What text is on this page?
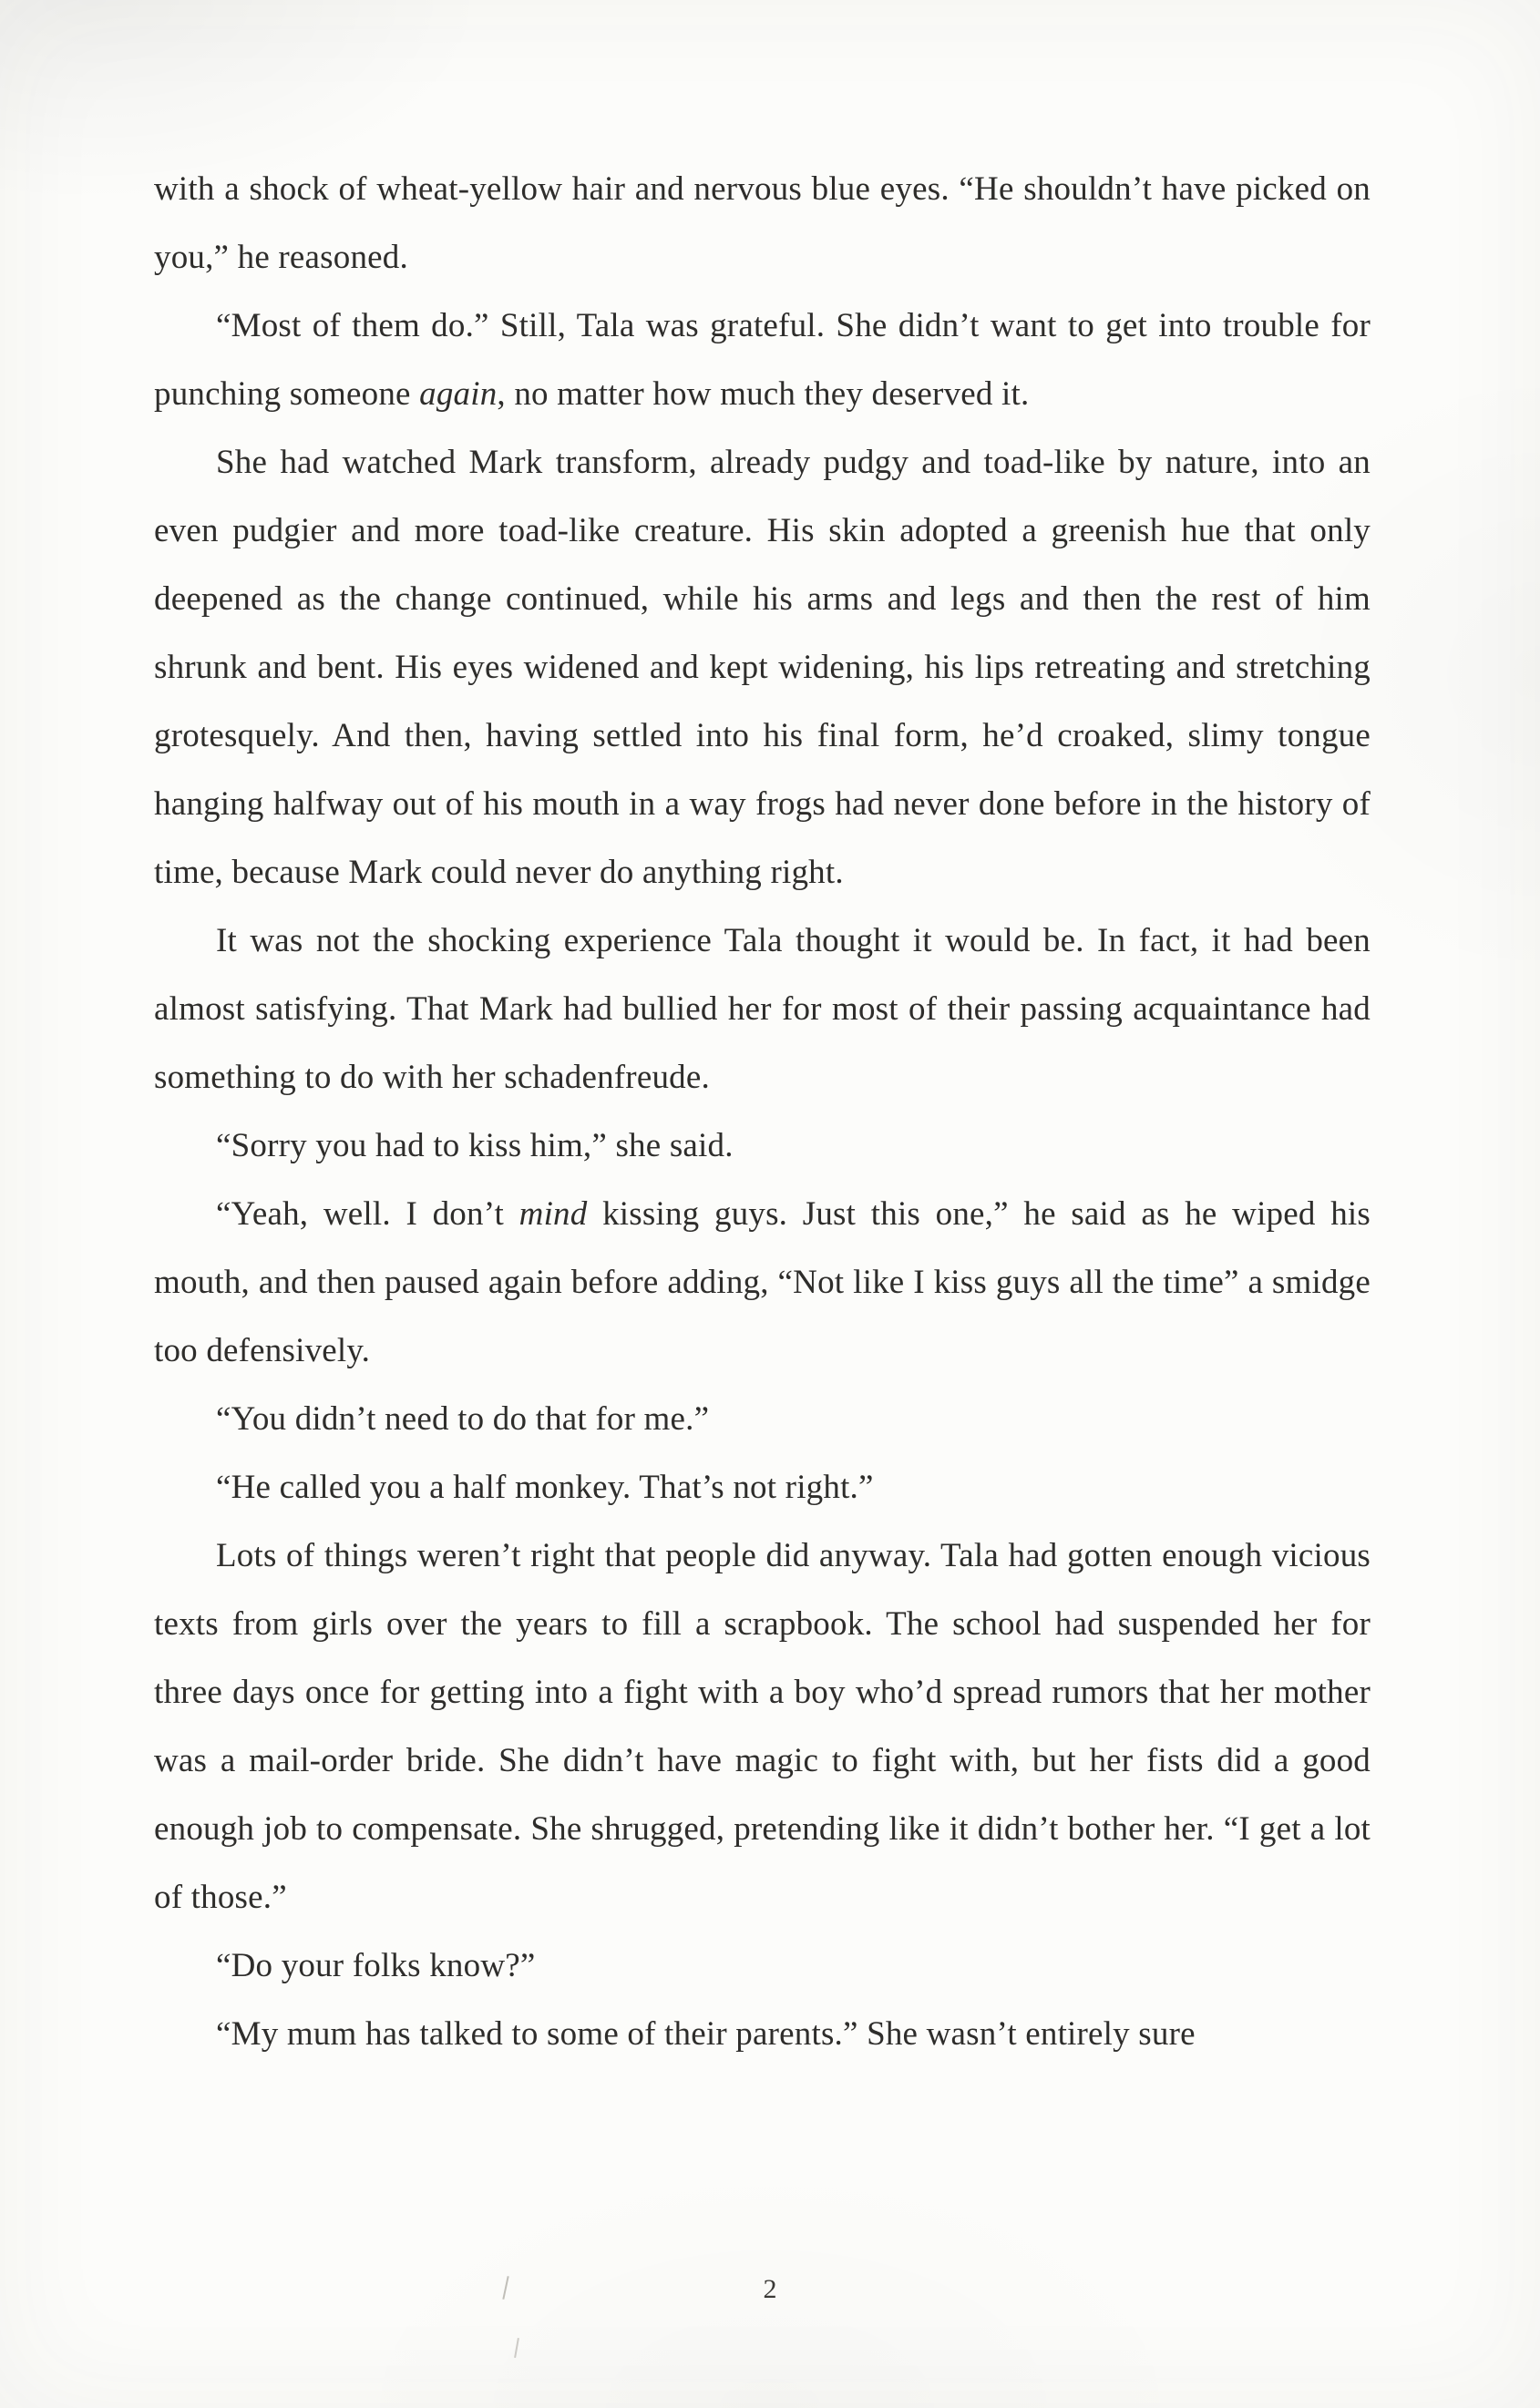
with a shock of wheat-yellow hair and nervous blue eyes. “He shouldn’t have picked on you,” he reasoned.

“Most of them do.” Still, Tala was grateful. She didn’t want to get into trouble for punching someone again, no matter how much they deserved it.

She had watched Mark transform, already pudgy and toad-like by nature, into an even pudgier and more toad-like creature. His skin adopted a greenish hue that only deepened as the change continued, while his arms and legs and then the rest of him shrunk and bent. His eyes widened and kept widening, his lips retreating and stretching grotesquely. And then, having settled into his final form, he’d croaked, slimy tongue hanging halfway out of his mouth in a way frogs had never done before in the history of time, because Mark could never do anything right.

It was not the shocking experience Tala thought it would be. In fact, it had been almost satisfying. That Mark had bullied her for most of their passing acquaintance had something to do with her schadenfreude.

“Sorry you had to kiss him,” she said.

“Yeah, well. I don’t mind kissing guys. Just this one,” he said as he wiped his mouth, and then paused again before adding, “Not like I kiss guys all the time” a smidge too defensively.

“You didn’t need to do that for me.”

“He called you a half monkey. That’s not right.”

Lots of things weren’t right that people did anyway. Tala had gotten enough vicious texts from girls over the years to fill a scrapbook. The school had suspended her for three days once for getting into a fight with a boy who’d spread rumors that her mother was a mail-order bride. She didn’t have magic to fight with, but her fists did a good enough job to compensate. She shrugged, pretending like it didn’t bother her. “I get a lot of those.”

“Do your folks know?”

“My mum has talked to some of their parents.” She wasn’t entirely sure

2
